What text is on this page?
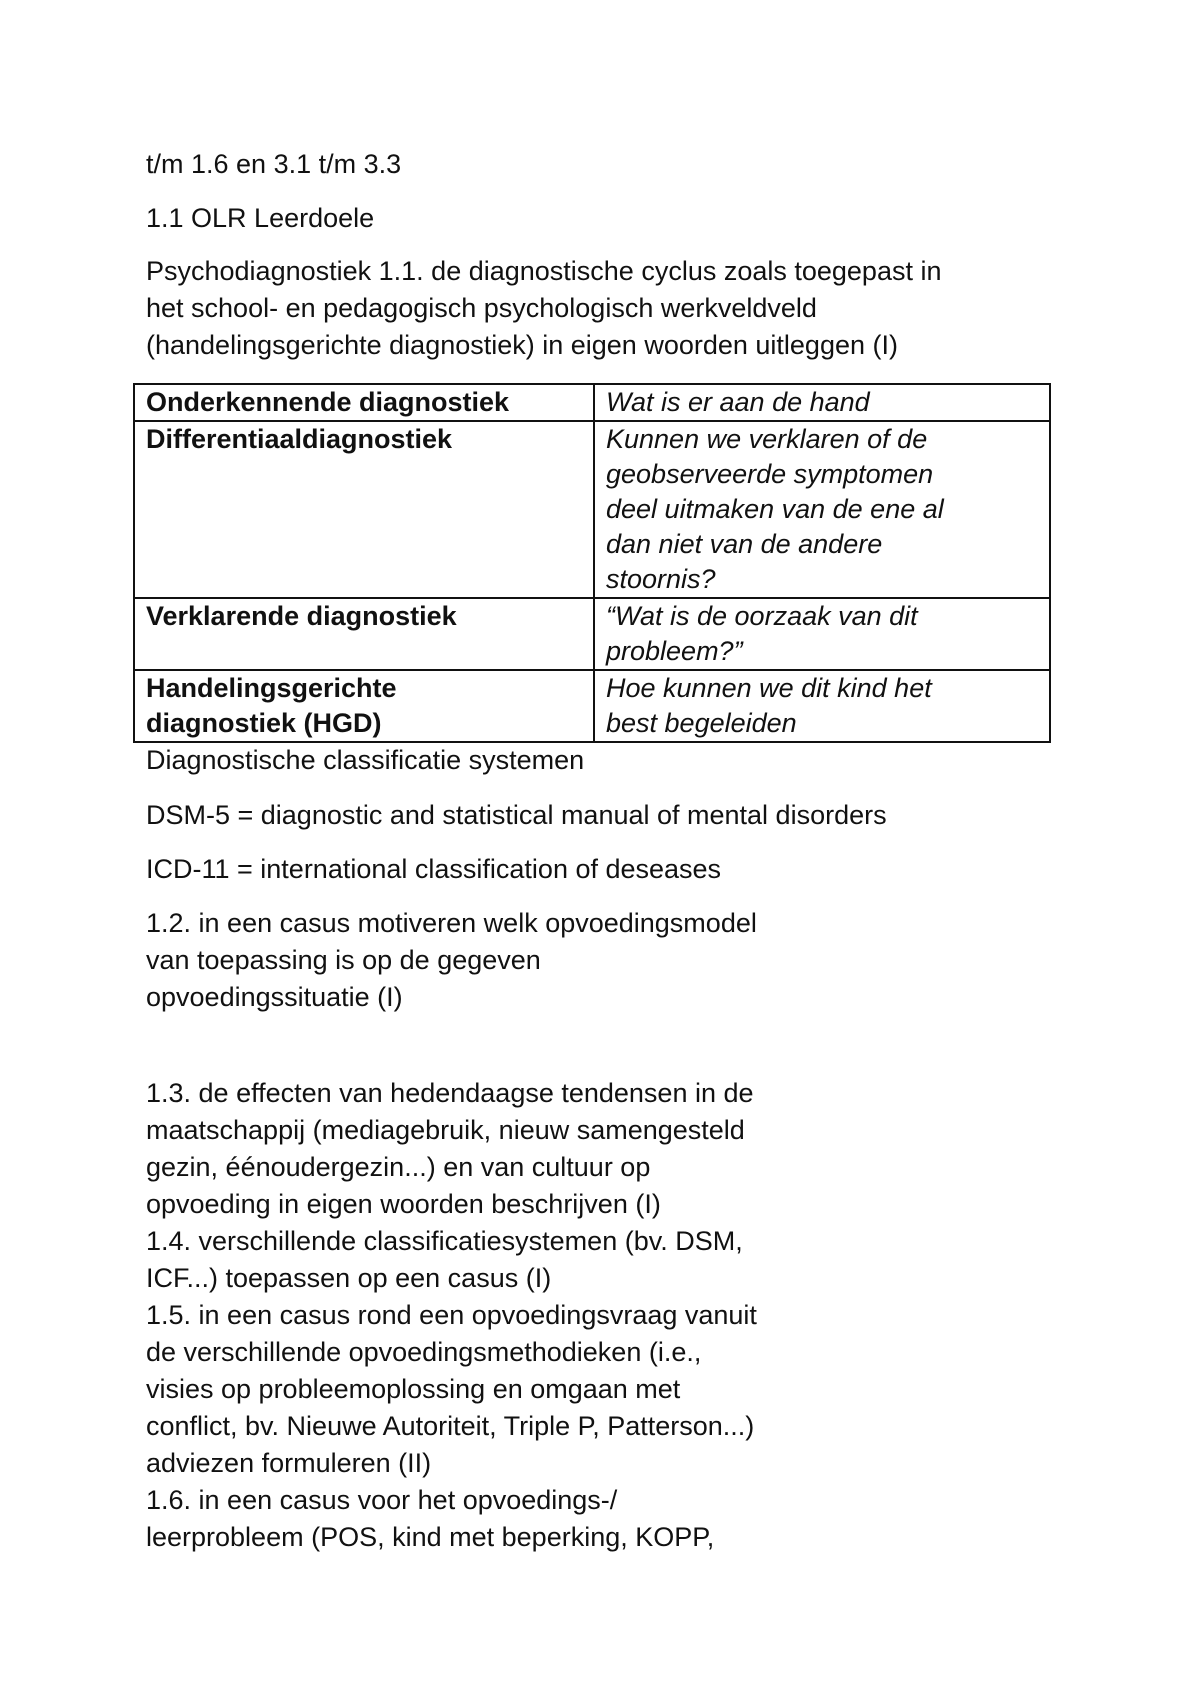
t/m 1.6 en 3.1 t/m 3.3

1.1 OLR Leerdoele

Psychodiagnostiek 1.1. de diagnostische cyclus zoals toegepast in
het school- en pedagogisch psychologisch werkveldveld
(handelingsgerichte diagnostiek) in eigen woorden uitleggen (I)

Onderkennende diagnostiek	Wat is er aan de hand
Differentiaaldiagnostiek	Kunnen we verklaren of de
geobserveerde symptomen
deel uitmaken van de ene al
dan niet van de andere
stoornis?
Verklarende diagnostiek	“Wat is de oorzaak van dit
probleem?”
Handelingsgerichte
diagnostiek (HGD)	Hoe kunnen we dit kind het
best begeleiden

Diagnostische classificatie systemen

DSM-5 = diagnostic and statistical manual of mental disorders

ICD-11 = international classification of deseases

1.2. in een casus motiveren welk opvoedingsmodel
van toepassing is op de gegeven
opvoedingssituatie (I)

1.3. de effecten van hedendaagse tendensen in de
maatschappij (mediagebruik, nieuw samengesteld
gezin, éénoudergezin...) en van cultuur op
opvoeding in eigen woorden beschrijven (I)
1.4. verschillende classificatiesystemen (bv. DSM,
ICF...) toepassen op een casus (I)
1.5. in een casus rond een opvoedingsvraag vanuit
de verschillende opvoedingsmethodieken (i.e.,
visies op probleemoplossing en omgaan met
conflict, bv. Nieuwe Autoriteit, Triple P, Patterson...)
adviezen formuleren (II)
1.6. in een casus voor het opvoedings-/
leerprobleem (POS, kind met beperking, KOPP,
